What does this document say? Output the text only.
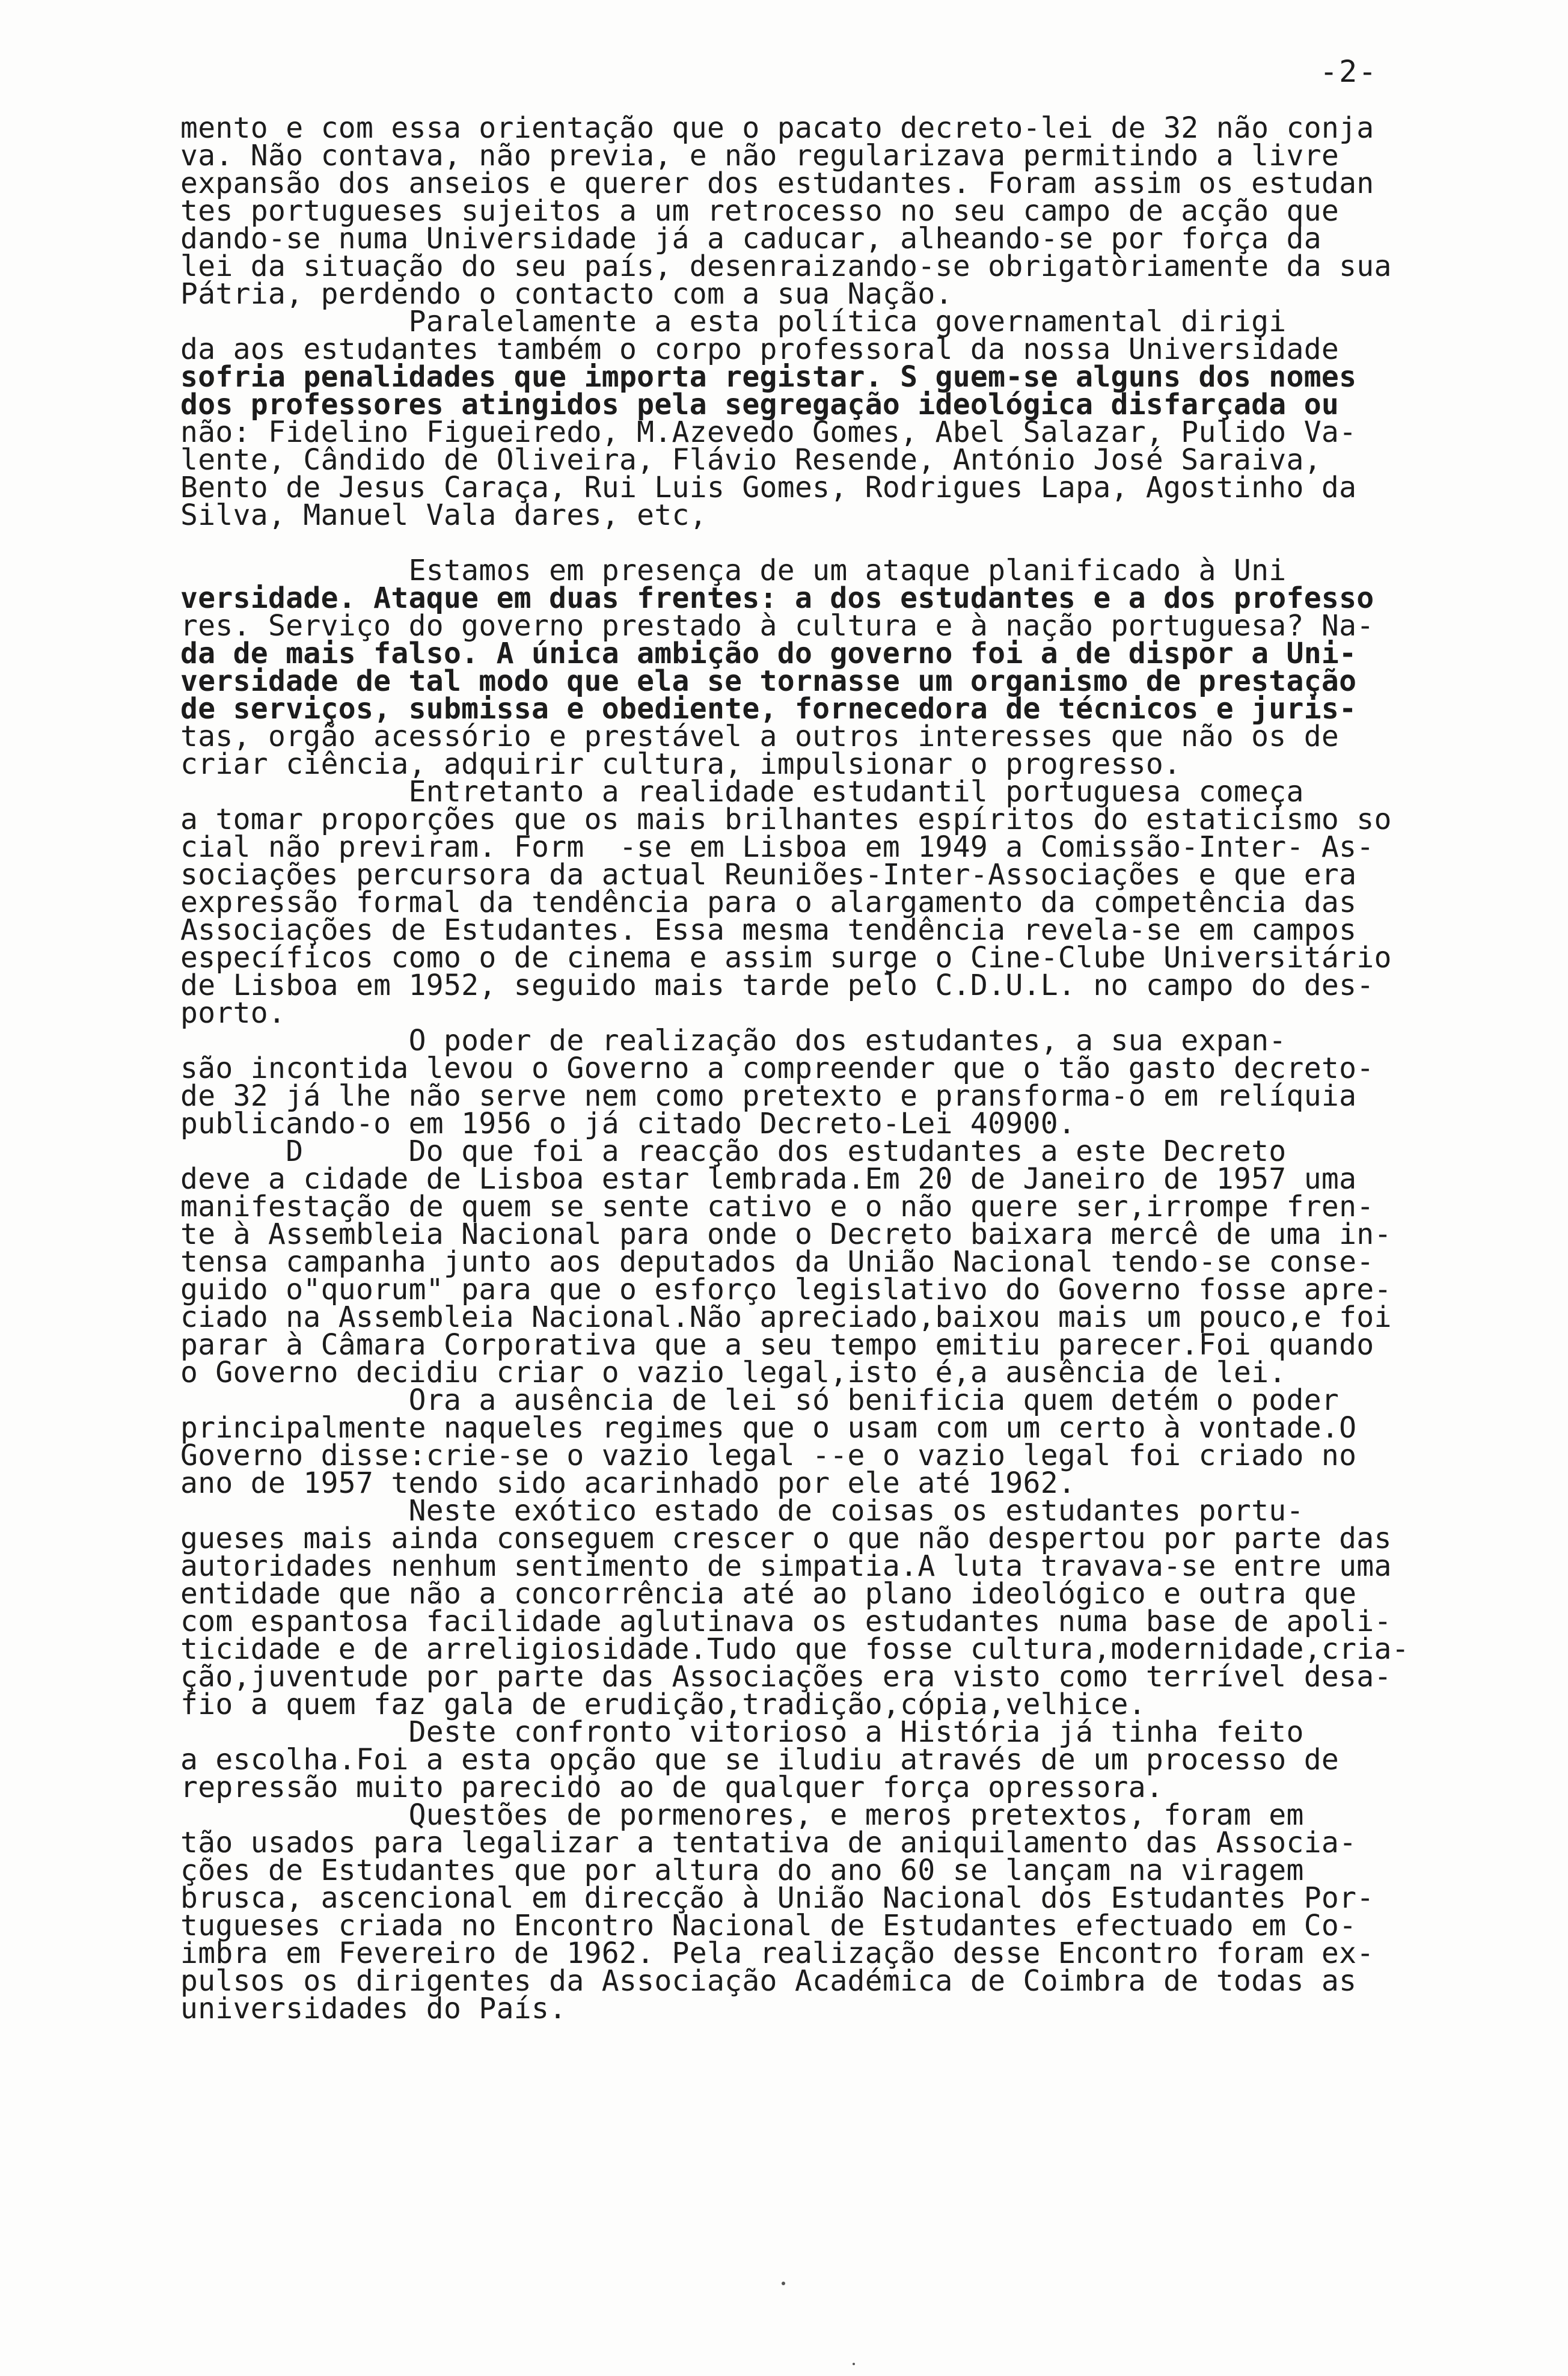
-2-
mento e com essa orientação que o pacato decreto-lei de 32 não conja
va. Não contava, não previa, e não regularizava permitindo a livre
expansão dos anseios e querer dos estudantes. Foram assim os estudan
tes portugueses sujeitos a um retrocesso no seu campo de acção que
dando-se numa Universidade já a caducar, alheando-se por força da
lei da situação do seu país, desenraizando-se obrigatòriamente da sua
Pátria, perdendo o contacto com a sua Nação.
Paralelamente a esta política governamental dirigi
da aos estudantes também o corpo professoral da nossa Universidade
sofria penalidades que importa registar. S guem-se alguns dos nomes
dos professores atingidos pela segregação ideológica disfarçada ou
não: Fidelino Figueiredo, M.Azevedo Gomes, Abel Salazar, Pulido Va-
lente, Cândido de Oliveira, Flávio Resende, António José Saraiva,
Bento de Jesus Caraça, Rui Luis Gomes, Rodrigues Lapa, Agostinho da
Silva, Manuel Vala dares, etc,
Estamos em presença de um ataque planificado à Uni
versidade. Ataque em duas frentes: a dos estudantes e a dos professo
res. Serviço do governo prestado à cultura e à nação portuguesa? Na-
da de mais falso. A única ambição do governo foi a de dispor a Uni-
versidade de tal modo que ela se tornasse um organismo de prestação
de serviços, submissa e obediente, fornecedora de técnicos e juris-
tas, orgão acessório e prestável a outros interesses que não os de
criar ciência, adquirir cultura, impulsionar o progresso.
Entretanto a realidade estudantil portuguesa começa
a tomar proporções que os mais brilhantes espíritos do estaticismo so
cial não previram. Form  -se em Lisboa em 1949 a Comissão-Inter- As-
sociações percursora da actual Reuniões-Inter-Associações e que era
expressão formal da tendência para o alargamento da competência das
Associações de Estudantes. Essa mesma tendência revela-se em campos
específicos como o de cinema e assim surge o Cine-Clube Universitário
de Lisboa em 1952, seguido mais tarde pelo C.D.U.L. no campo do des-
porto.
O poder de realização dos estudantes, a sua expan-
são incontida levou o Governo a compreender que o tão gasto decreto-
de 32 já lhe não serve nem como pretexto e pransforma-o em relíquia
publicando-o em 1956 o já citado Decreto-Lei 40900.
D      Do que foi a reacção dos estudantes a este Decreto
deve a cidade de Lisboa estar lembrada.Em 20 de Janeiro de 1957 uma
manifestação de quem se sente cativo e o não quere ser,irrompe fren-
te à Assembleia Nacional para onde o Decreto baixara mercê de uma in-
tensa campanha junto aos deputados da União Nacional tendo-se conse-
guido o"quorum" para que o esforço legislativo do Governo fosse apre-
ciado na Assembleia Nacional.Não apreciado,baixou mais um pouco,e foi
parar à Câmara Corporativa que a seu tempo emitiu parecer.Foi quando
o Governo decidiu criar o vazio legal,isto é,a ausência de lei.
Ora a ausência de lei só benificia quem detém o poder
principalmente naqueles regimes que o usam com um certo à vontade.O
Governo disse:crie-se o vazio legal --e o vazio legal foi criado no
ano de 1957 tendo sido acarinhado por ele até 1962.
Neste exótico estado de coisas os estudantes portu-
gueses mais ainda conseguem crescer o que não despertou por parte das
autoridades nenhum sentimento de simpatia.A luta travava-se entre uma
entidade que não a concorrência até ao plano ideológico e outra que
com espantosa facilidade aglutinava os estudantes numa base de apoli-
ticidade e de arreligiosidade.Tudo que fosse cultura,modernidade,cria-
ção,juventude por parte das Associações era visto como terrível desa-
fio a quem faz gala de erudição,tradição,cópia,velhice.
Deste confronto vitorioso a História já tinha feito
a escolha.Foi a esta opção que se iludiu através de um processo de
repressão muito parecido ao de qualquer força opressora.
Questões de pormenores, e meros pretextos, foram em
tão usados para legalizar a tentativa de aniquilamento das Associa-
ções de Estudantes que por altura do ano 60 se lançam na viragem
brusca, ascencional em direcção à União Nacional dos Estudantes Por-
tugueses criada no Encontro Nacional de Estudantes efectuado em Co-
imbra em Fevereiro de 1962. Pela realização desse Encontro foram ex-
pulsos os dirigentes da Associação Académica de Coimbra de todas as
universidades do País.
